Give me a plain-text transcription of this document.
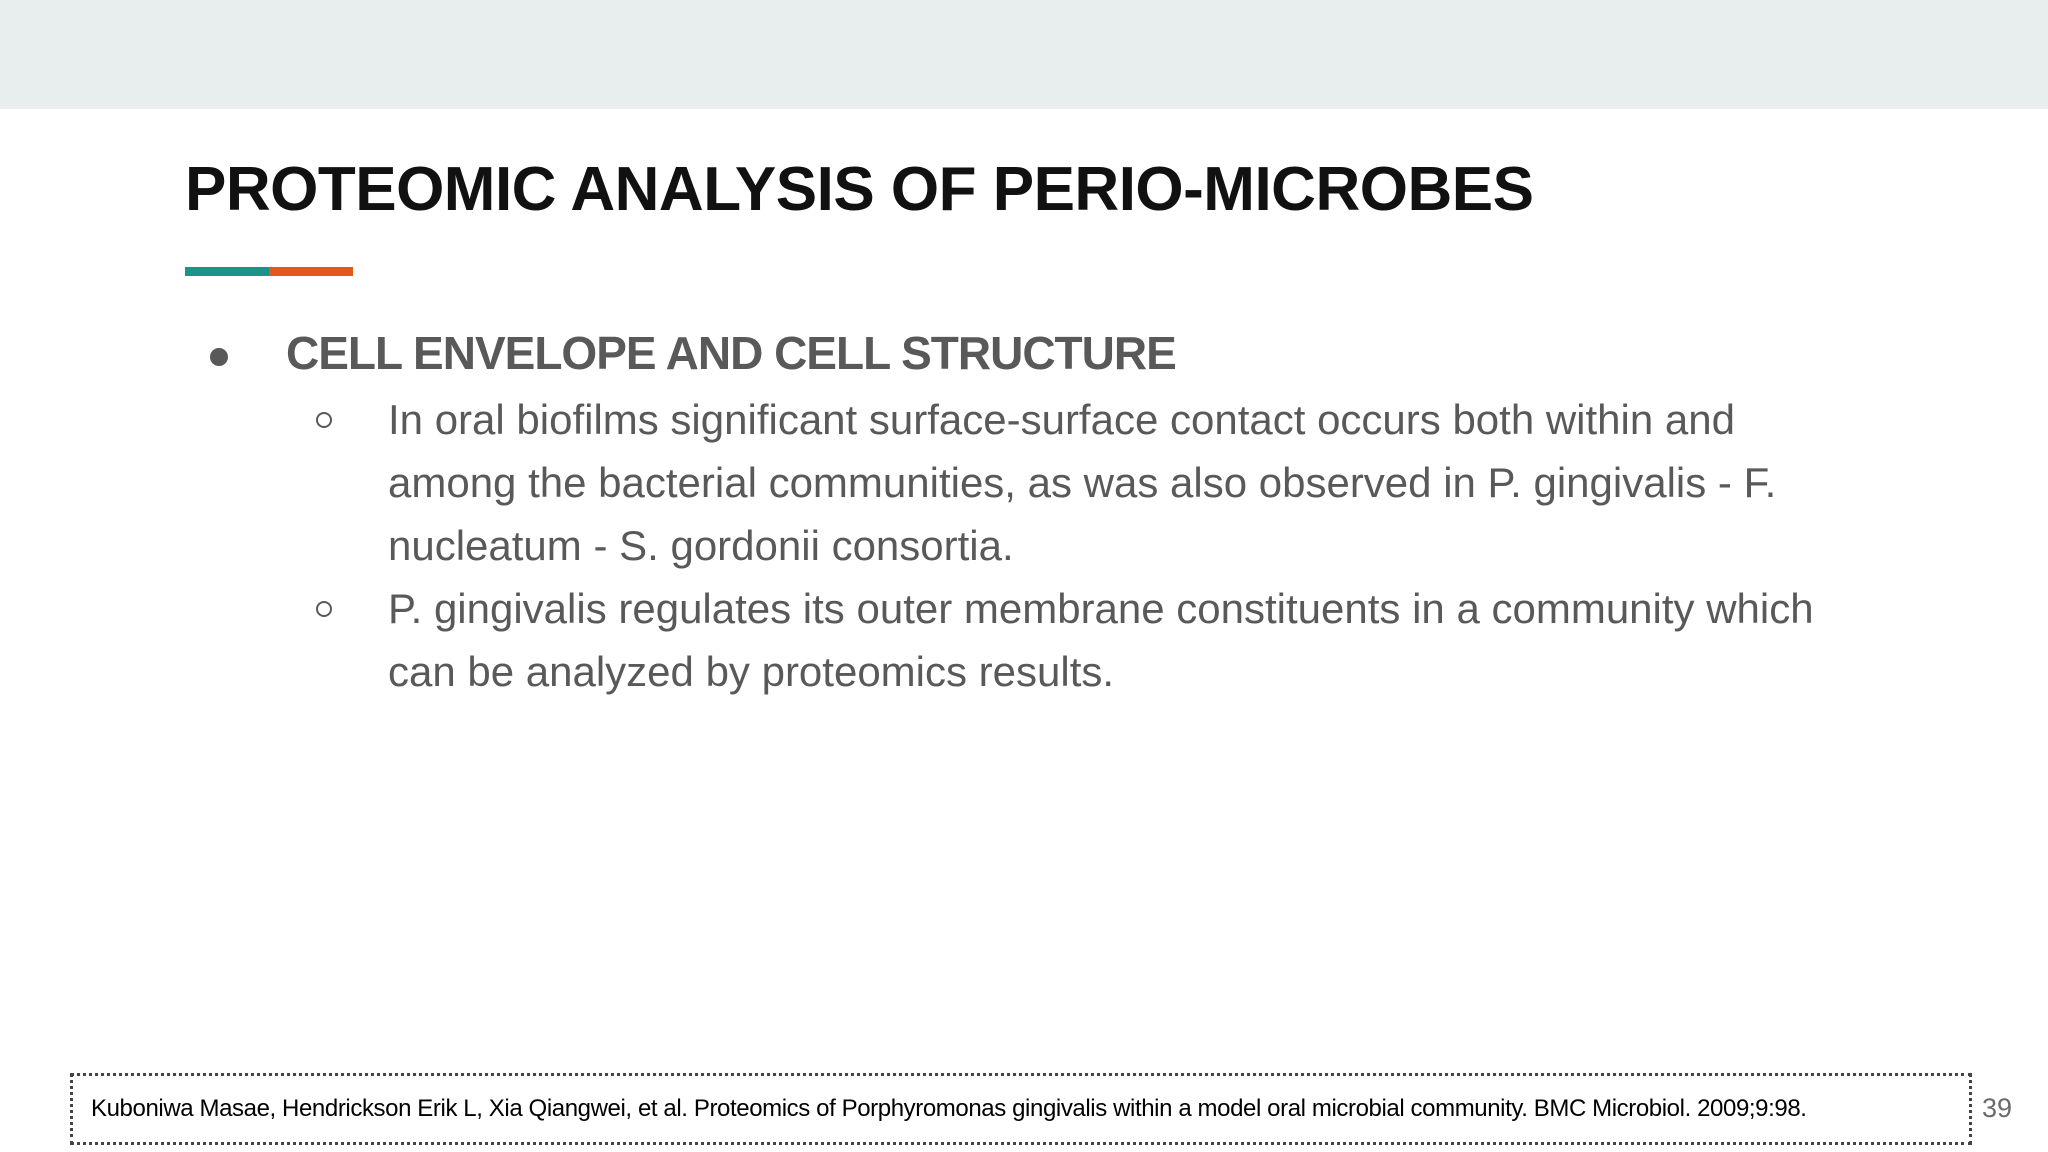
PROTEOMIC ANALYSIS OF PERIO-MICROBES
CELL ENVELOPE AND CELL STRUCTURE
In oral biofilms significant surface-surface contact occurs both within and among the bacterial communities, as was also observed in P. gingivalis - F. nucleatum - S. gordonii consortia.
P. gingivalis regulates its outer membrane constituents in a community which can be analyzed by proteomics results.
Kuboniwa Masae, Hendrickson Erik L, Xia Qiangwei, et al. Proteomics of Porphyromonas gingivalis within a model oral microbial community. BMC Microbiol. 2009;9:98.	39
